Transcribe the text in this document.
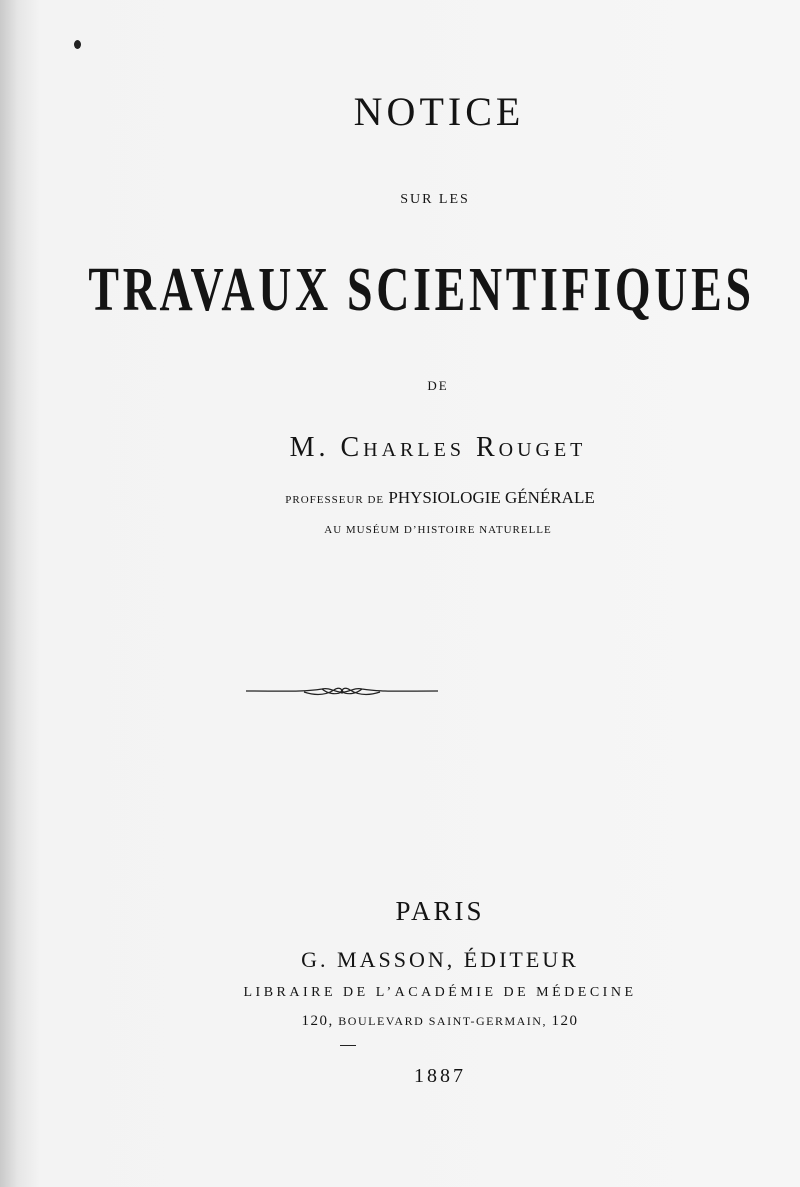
NOTICE
SUR LES
TRAVAUX SCIENTIFIQUES
DE
M. Charles Rouget
PROFESSEUR DE PHYSIOLOGIE GÉNÉRALE
AU MUSÉUM D’HISTOIRE NATURELLE
PARIS
G. MASSON, ÉDITEUR
LIBRAIRE DE L’ACADÉMIE DE MÉDECINE
120, BOULEVARD SAINT-GERMAIN, 120
1887
